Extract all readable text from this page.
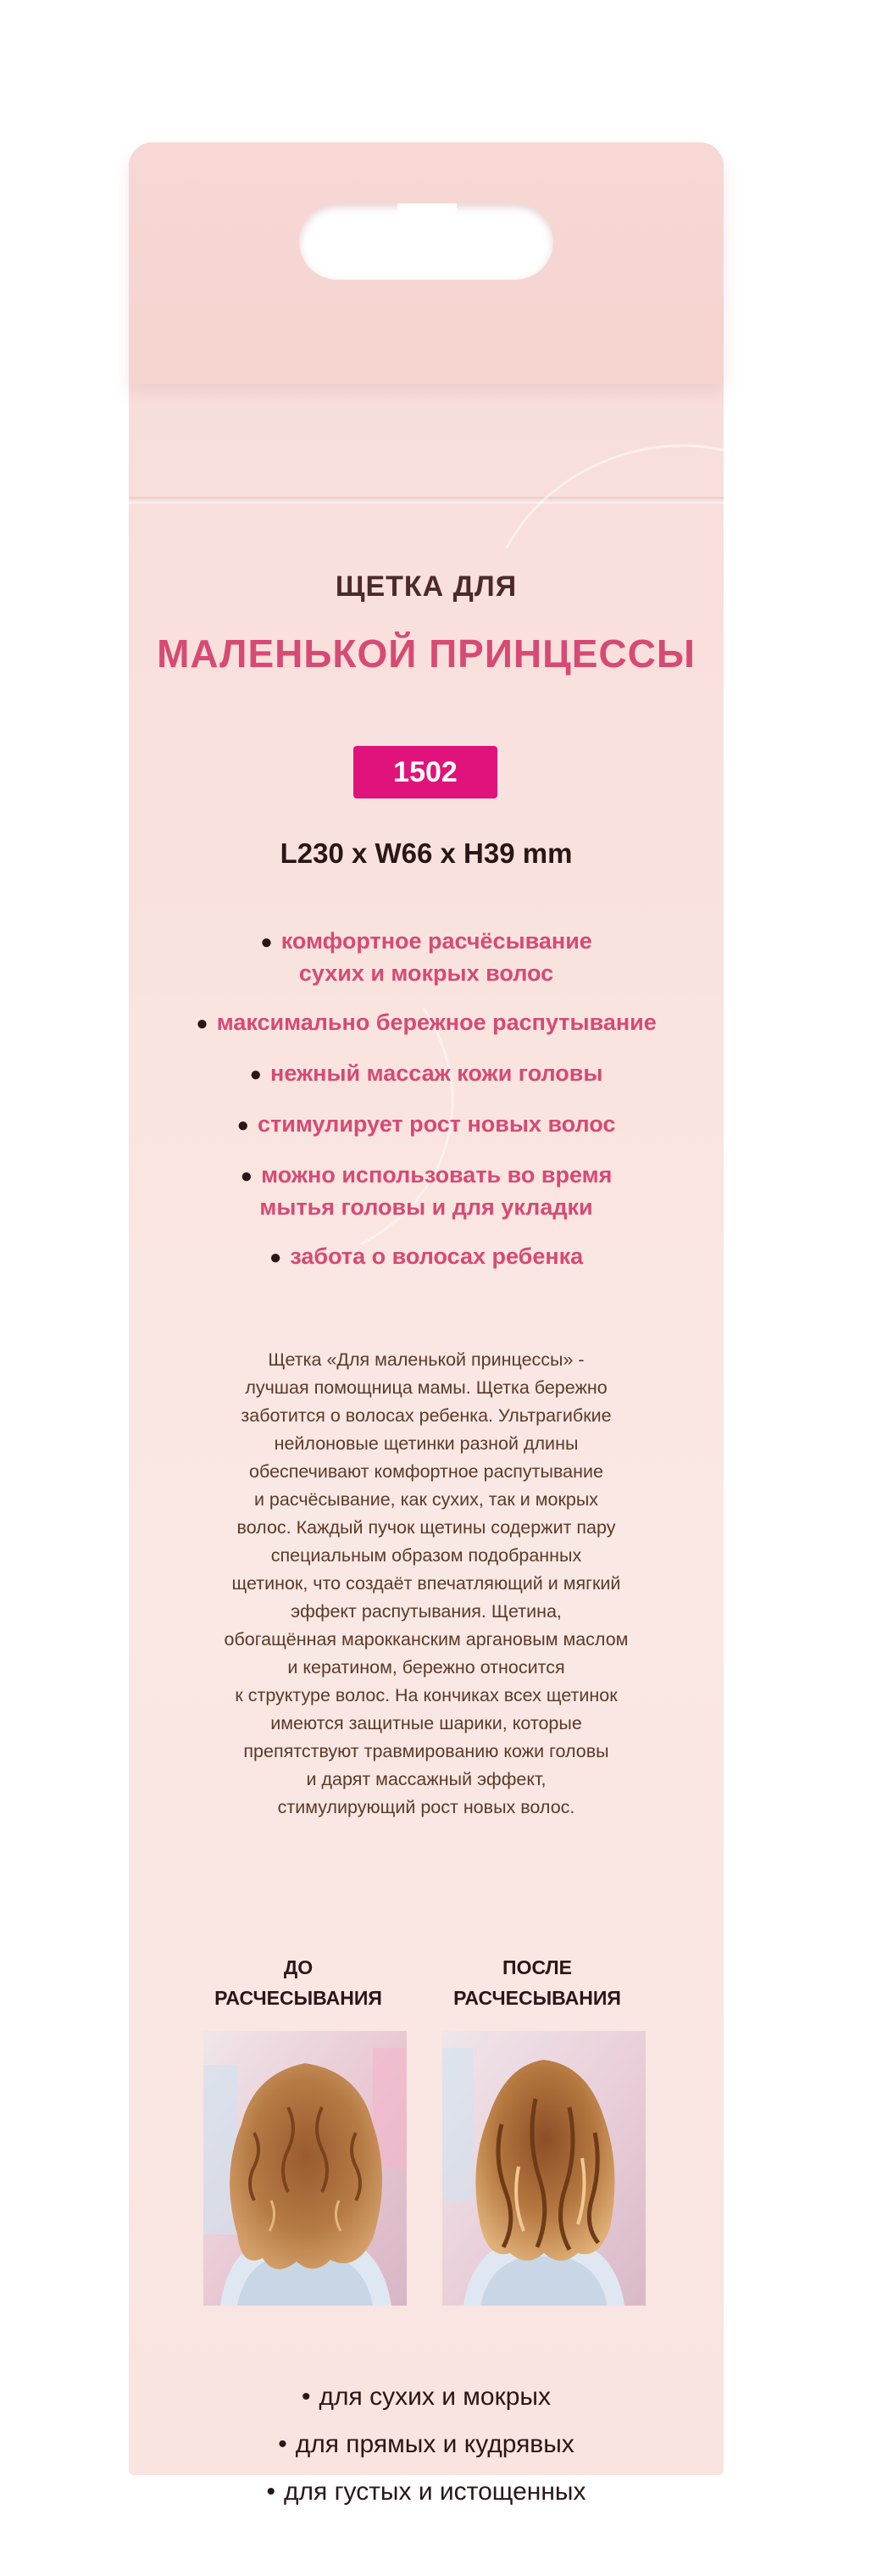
ЩЕТКА ДЛЯ
МАЛЕНЬКОЙ ПРИНЦЕССЫ
1502
L230 x W66 x H39 mm
● комфортное расчёсывание
сухих и мокрых волос
● максимально бережное распутывание
● нежный массаж кожи головы
● стимулирует рост новых волос
● можно использовать во время
мытья головы и для укладки
● забота о волосах ребенка
Щетка «Для маленькой принцессы» -
лучшая помощница мамы. Щетка бережно
заботится о волосах ребенка. Ультрагибкие
нейлоновые щетинки разной длины
обеспечивают комфортное распутывание
и расчёсывание, как сухих, так и мокрых
волос. Каждый пучок щетины содержит пару
специальным образом подобранных
щетинок, что создаёт впечатляющий и мягкий
эффект распутывания. Щетина,
обогащённая марокканским аргановым маслом
и кератином, бережно относится
к структуре волос. На кончиках всех щетинок
имеются защитные шарики, которые
препятствуют травмированию кожи головы
и дарят массажный эффект,
стимулирующий рост новых волос.
ДО
РАСЧЕСЫВАНИЯ
ПОСЛЕ
РАСЧЕСЫВАНИЯ
• для сухих и мокрых
• для прямых и кудрявых
• для густых и истощенных
